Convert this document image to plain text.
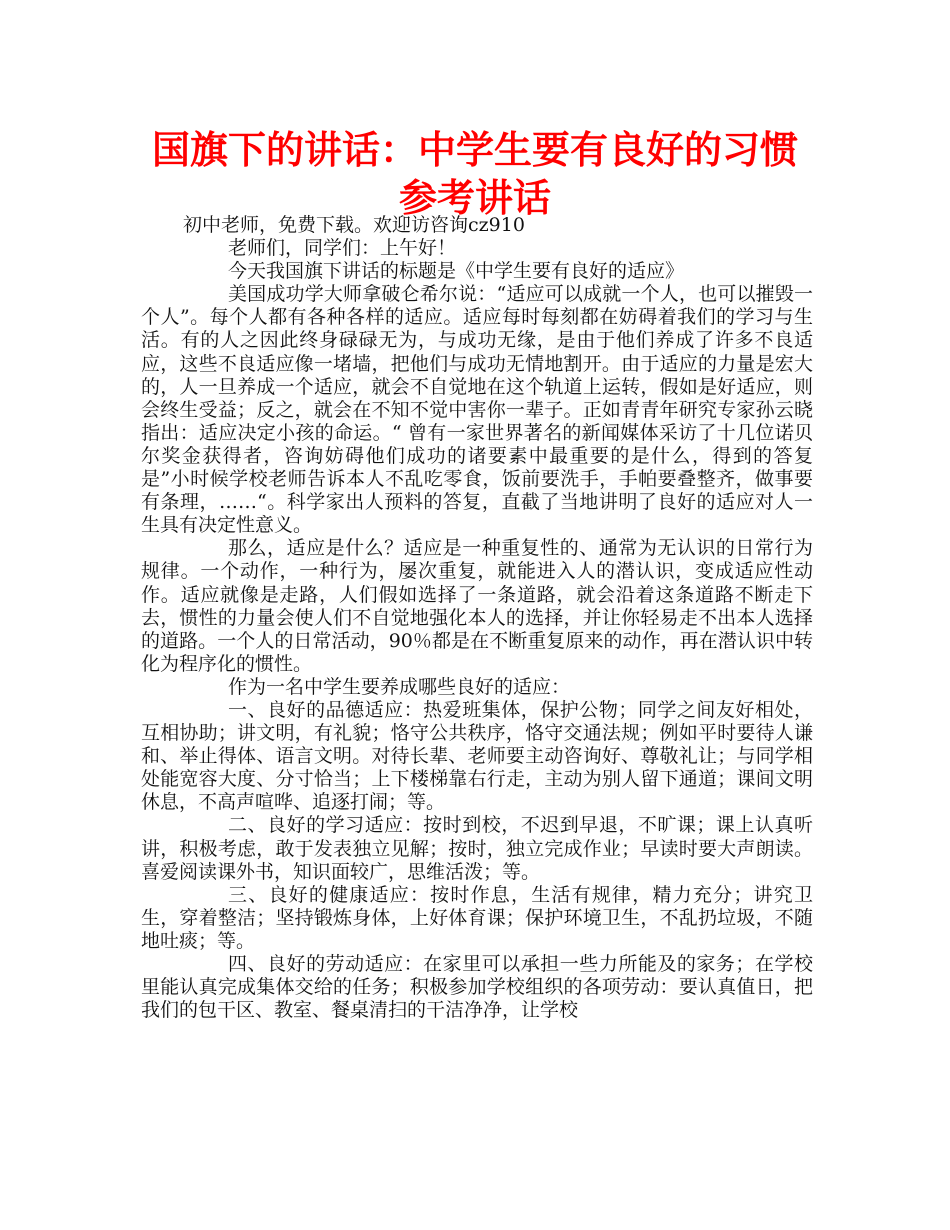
国旗下的讲话：中学生要有良好的习惯参考讲话

初中老师，免费下载。欢迎访咨询cz910

老师们，同学们：上午好！

今天我国旗下讲话的标题是《中学生要有良好的适应》

美国成功学大师拿破仑希尔说：“适应可以成就一个人，也可以摧毁一个人”。每个人都有各种各样的适应。适应每时每刻都在妨碍着我们的学习与生活。有的人之因此终身碌碌无为，与成功无缘，是由于他们养成了许多不良适应，这些不良适应像一堵墙，把他们与成功无情地割开。由于适应的力量是宏大的，人一旦养成一个适应，就会不自觉地在这个轨道上运转，假如是好适应，则会终生受益；反之，就会在不知不觉中害你一辈子。正如青青年研究专家孙云晓指出：适应决定小孩的命运。“ 曾有一家世界著名的新闻媒体采访了十几位诺贝尔奖金获得者，咨询妨碍他们成功的诸要素中最重要的是什么，得到的答复是”小时候学校老师告诉本人不乱吃零食，饭前要洗手，手帕要叠整齐，做事要有条理，……“。科学家出人预料的答复，直截了当地讲明了良好的适应对人一生具有决定性意义。

那么，适应是什么？适应是一种重复性的、通常为无认识的日常行为规律。一个动作，一种行为，屡次重复，就能进入人的潜认识，变成适应性动作。适应就像是走路，人们假如选择了一条道路，就会沿着这条道路不断走下去，惯性的力量会使人们不自觉地强化本人的选择，并让你轻易走不出本人选择的道路。一个人的日常活动，90％都是在不断重复原来的动作，再在潜认识中转化为程序化的惯性。

作为一名中学生要养成哪些良好的适应：

一、良好的品德适应：热爱班集体，保护公物；同学之间友好相处，互相协助；讲文明，有礼貌；恪守公共秩序，恪守交通法规；例如平时要待人谦和、举止得体、语言文明。对待长辈、老师要主动咨询好、尊敬礼让；与同学相处能宽容大度、分寸恰当；上下楼梯靠右行走，主动为别人留下通道；课间文明休息，不高声喧哗、追逐打闹；等。

二、良好的学习适应：按时到校，不迟到早退，不旷课；课上认真听讲，积极考虑，敢于发表独立见解；按时，独立完成作业；早读时要大声朗读。喜爱阅读课外书，知识面较广，思维活泼；等。

三、良好的健康适应：按时作息，生活有规律，精力充分；讲究卫生，穿着整洁；坚持锻炼身体，上好体育课；保护环境卫生，不乱扔垃圾，不随地吐痰；等。

四、良好的劳动适应：在家里可以承担一些力所能及的家务；在学校里能认真完成集体交给的任务；积极参加学校组织的各项劳动：要认真值日，把我们的包干区、教室、餐桌清扫的干洁净净，让学校
